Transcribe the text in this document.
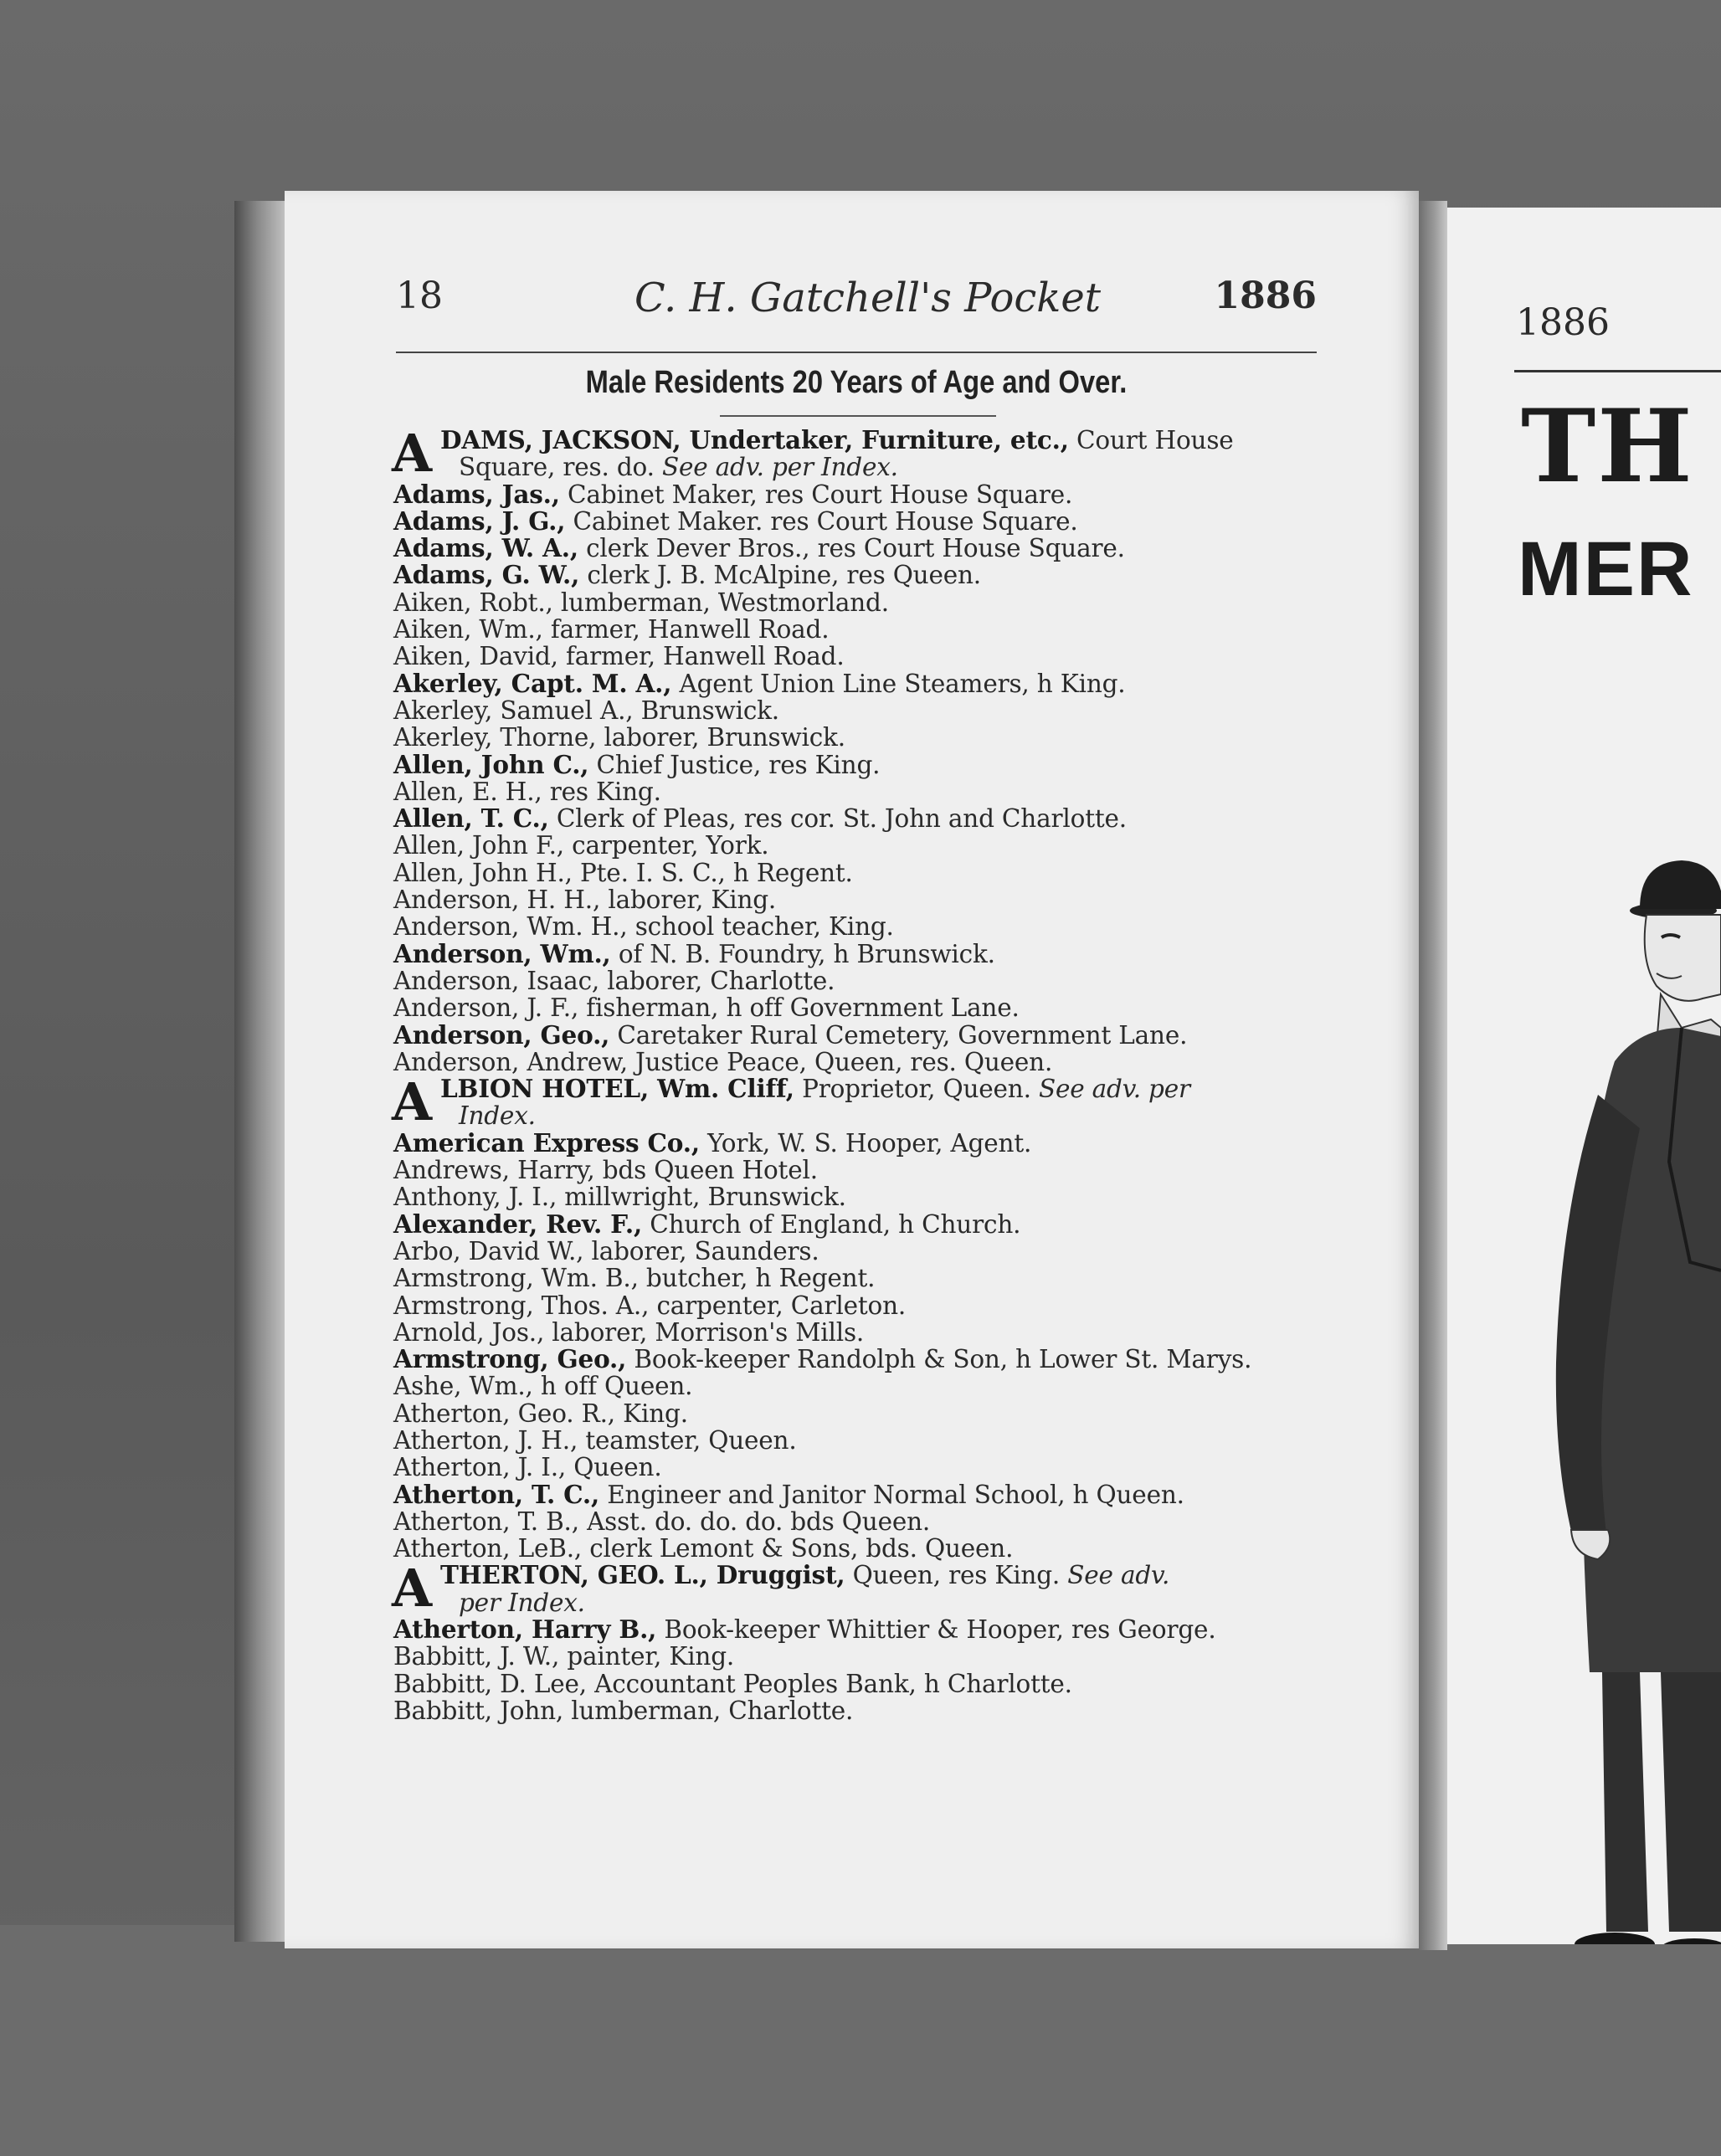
18	C. H. Gatchell's Pocket	1886
Male Residents 20 Years of Age and Over.
A DAMS, JACKSON, Undertaker, Furniture, etc., Court House
Square, res. do. See adv. per Index.
Adams, Jas., Cabinet Maker, res Court House Square.
Adams, J. G., Cabinet Maker. res Court House Square.
Adams, W. A., clerk Dever Bros., res Court House Square.
Adams, G. W., clerk J. B. McAlpine, res Queen.
Aiken, Robt., lumberman, Westmorland.
Aiken, Wm., farmer, Hanwell Road.
Aiken, David, farmer, Hanwell Road.
Akerley, Capt. M. A., Agent Union Line Steamers, h King.
Akerley, Samuel A., Brunswick.
Akerley, Thorne, laborer, Brunswick.
Allen, John C., Chief Justice, res King.
Allen, E. H., res King.
Allen, T. C., Clerk of Pleas, res cor. St. John and Charlotte.
Allen, John F., carpenter, York.
Allen, John H., Pte. I. S. C., h Regent.
Anderson, H. H., laborer, King.
Anderson, Wm. H., school teacher, King.
Anderson, Wm., of N. B. Foundry, h Brunswick.
Anderson, Isaac, laborer, Charlotte.
Anderson, J. F., fisherman, h off Government Lane.
Anderson, Geo., Caretaker Rural Cemetery, Government Lane.
Anderson, Andrew, Justice Peace, Queen, res. Queen.
A LBION HOTEL, Wm. Cliff, Proprietor, Queen. See adv. per
Index.
American Express Co., York, W. S. Hooper, Agent.
Andrews, Harry, bds Queen Hotel.
Anthony, J. I., millwright, Brunswick.
Alexander, Rev. F., Church of England, h Church.
Arbo, David W., laborer, Saunders.
Armstrong, Wm. B., butcher, h Regent.
Armstrong, Thos. A., carpenter, Carleton.
Arnold, Jos., laborer, Morrison's Mills.
Armstrong, Geo., Book-keeper Randolph & Son, h Lower St. Marys.
Ashe, Wm., h off Queen.
Atherton, Geo. R., King.
Atherton, J. H., teamster, Queen.
Atherton, J. I., Queen.
Atherton, T. C., Engineer and Janitor Normal School, h Queen.
Atherton, T. B., Asst. do. do. do. bds Queen.
Atherton, LeB., clerk Lemont & Sons, bds. Queen.
A THERTON, GEO. L., Druggist, Queen, res King. See adv.
per Index.
Atherton, Harry B., Book-keeper Whittier & Hooper, res George.
Babbitt, J. W., painter, King.
Babbitt, D. Lee, Accountant Peoples Bank, h Charlotte.
Babbitt, John, lumberman, Charlotte.
1886
TH
MER
